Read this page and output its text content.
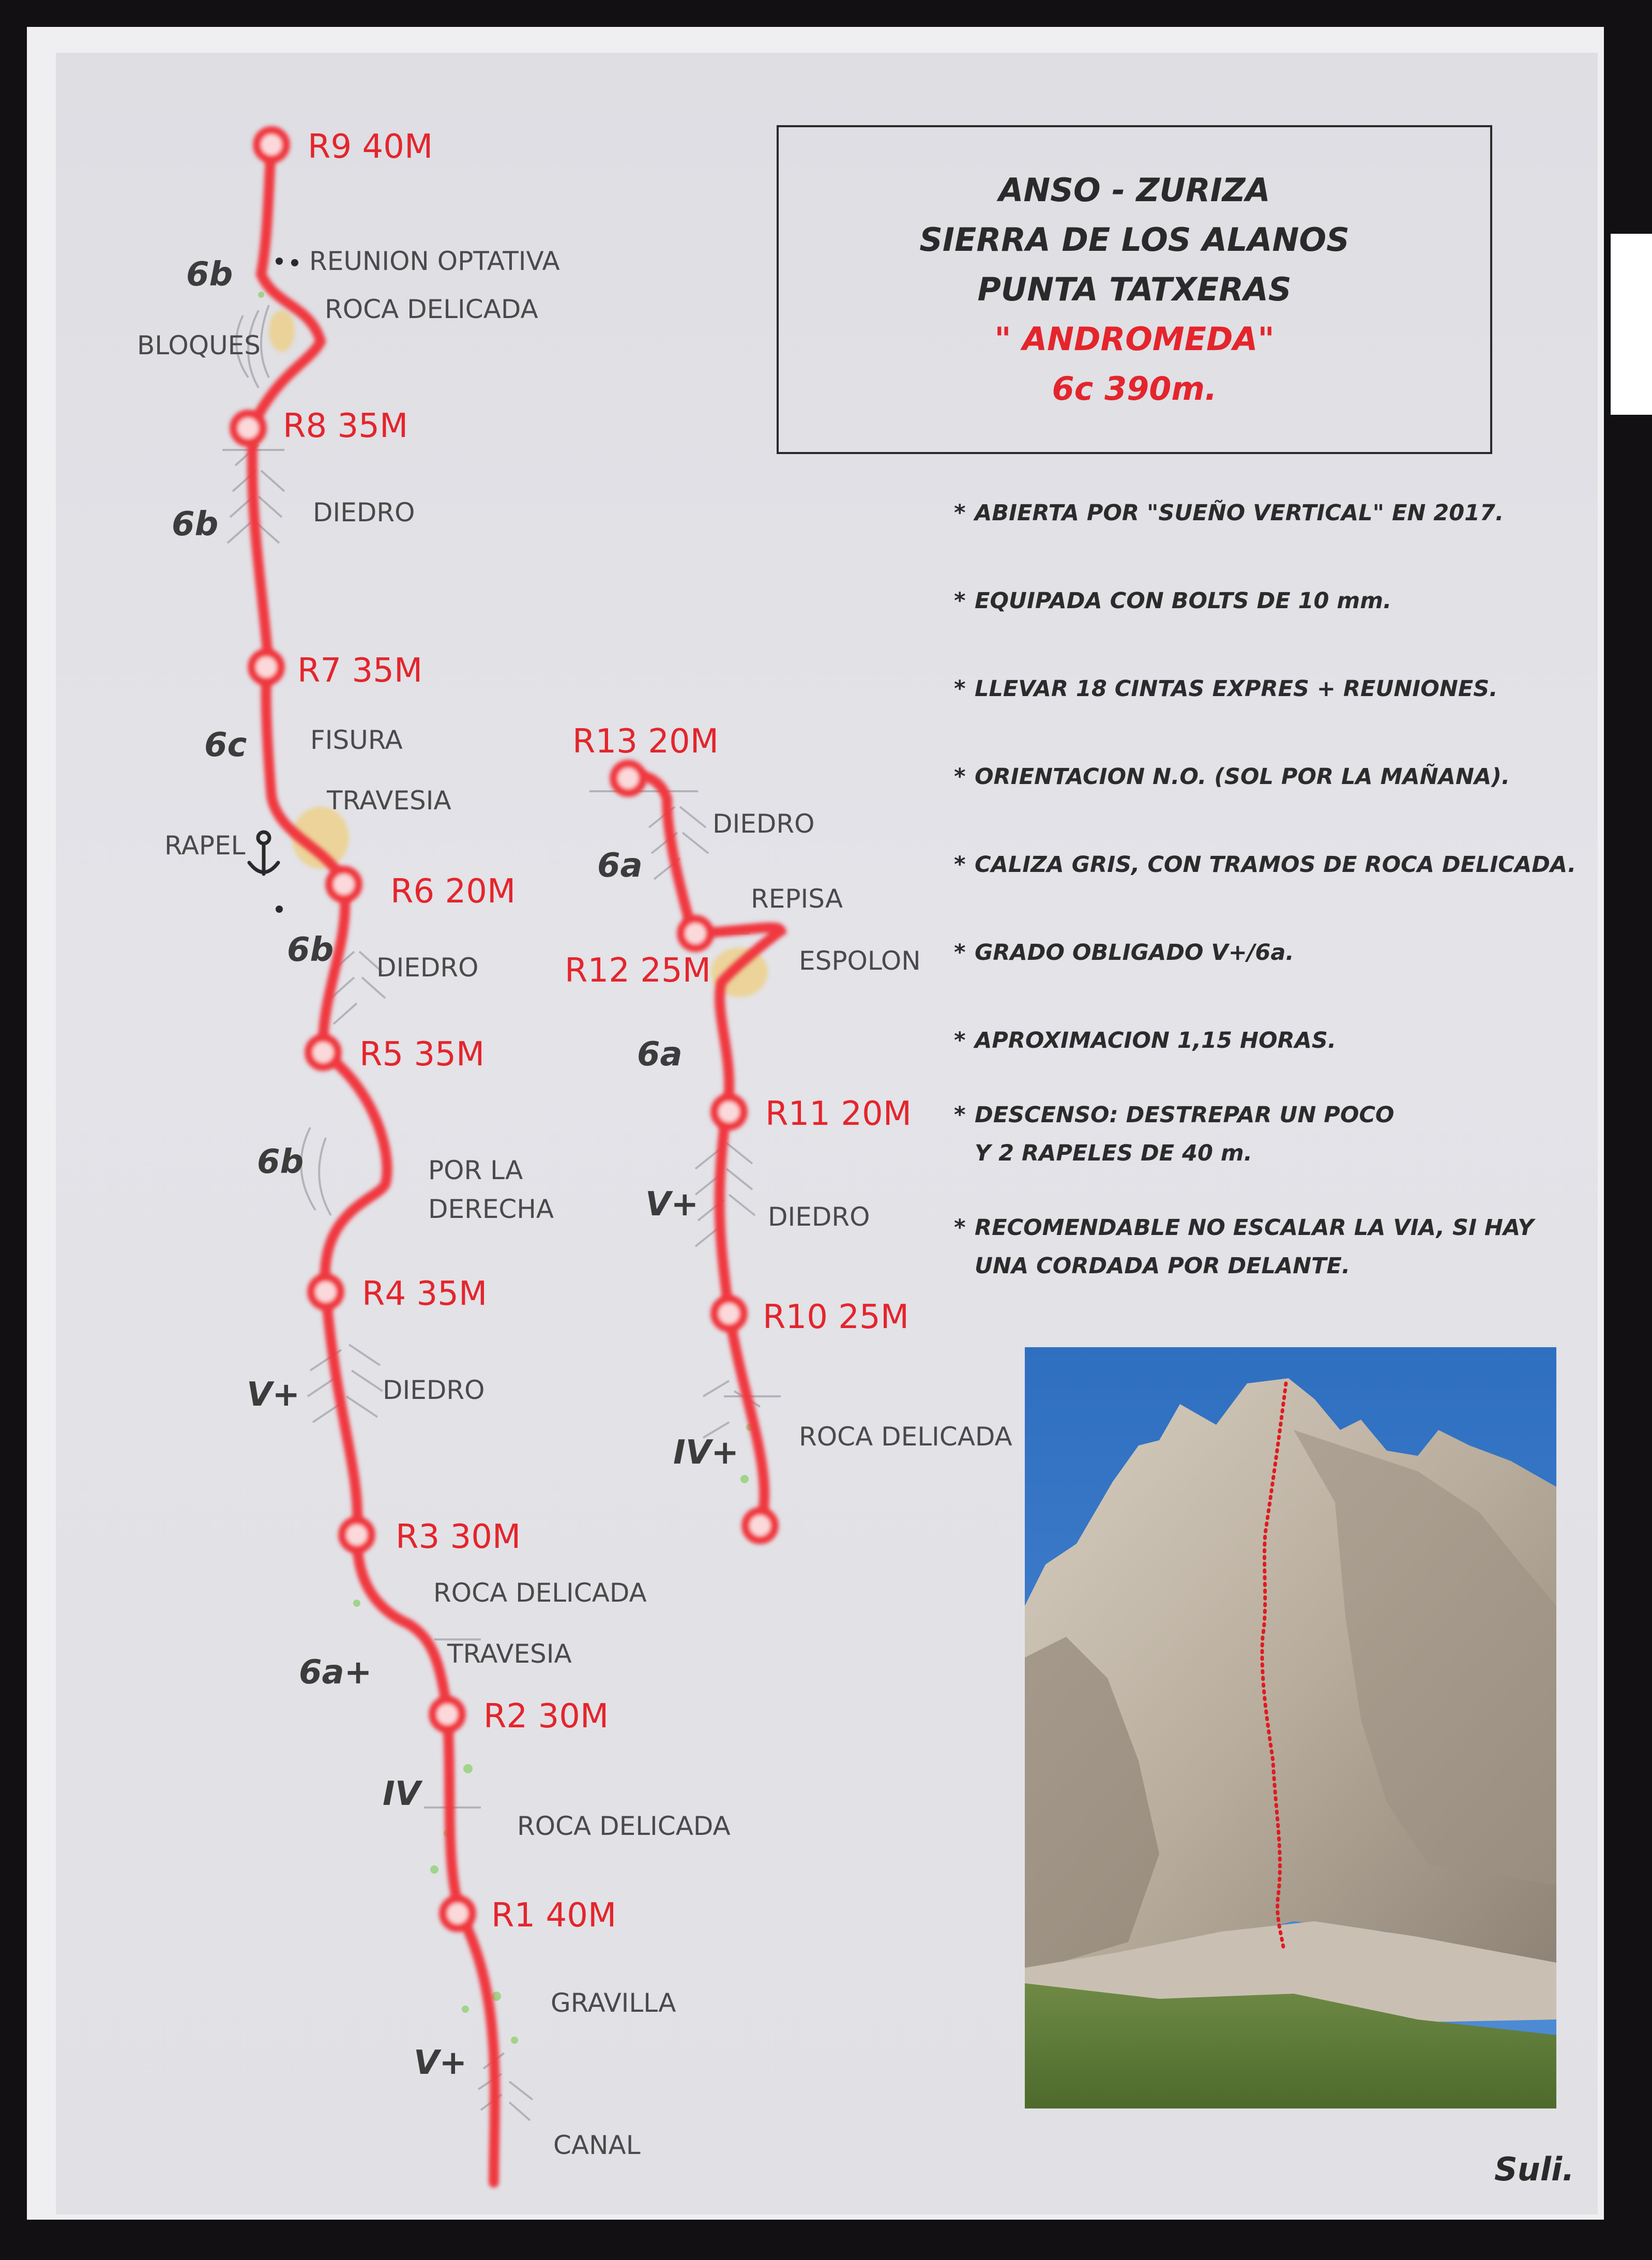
R1 40M
R2 30M
R3 30M
R4 35M
R5 35M
R6 20M
R7 35M
R8 35M
R9 40M
R10 25M
R11 20M
R12 25M
R13 20M
V+
IV
6a+
V+
6b
6b
6c
6b
6b
IV+
V+
6a
6a
CANAL
GRAVILLA
ROCA DELICADA
TRAVESIA
ROCA DELICADA
DIEDRO
POR LA
DERECHA
DIEDRO
RAPEL
TRAVESIA
FISURA
DIEDRO
BLOQUES
ROCA DELICADA
REUNION OPTATIVA
ROCA DELICADA
DIEDRO
ESPOLON
REPISA
DIEDRO
ANSO - ZURIZA
SIERRA DE LOS ALANOS
PUNTA TATXERAS
" ANDROMEDA"
6c 390m.
* ABIERTA POR "SUEÑO VERTICAL" EN 2017.
* EQUIPADA CON BOLTS DE 10 mm.
* LLEVAR 18 CINTAS EXPRES + REUNIONES.
* ORIENTACION N.O. (SOL POR LA MAÑANA).
* CALIZA GRIS, CON TRAMOS DE ROCA DELICADA.
* GRADO OBLIGADO V+/6a.
* APROXIMACION 1,15 HORAS.
* DESCENSO: DESTREPAR UN POCO
Y 2 RAPELES DE 40 m.
* RECOMENDABLE NO ESCALAR LA VIA, SI HAY
UNA CORDADA POR DELANTE.
Suli.
